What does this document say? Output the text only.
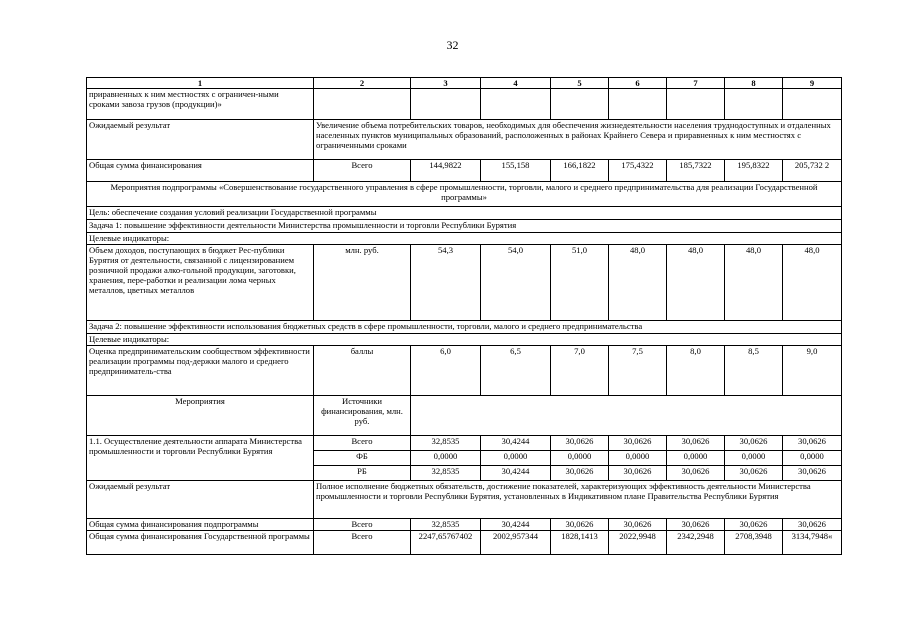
32
1	2	3	4	5	6	7	8	9
приравненных к ним местностях с ограничен-ными сроками завоза грузов (продукции)»								
Ожидаемый результат	Увеличение объема потребительских товаров, необходимых для обеспечения жизнедеятельности населения труднодоступных и отдаленных населенных пунктов муниципальных образований, расположенных в районах Крайнего Севера и приравненных к ним местностях с ограниченными сроками							
Общая сумма финансирования	Всего	144,9822	155,158	166,1822	175,4322	185,7322	195,8322	205,732 2
Мероприятия подпрограммы «Совершенствование государственного управления в сфере промышленности, торговли, малого и среднего предпринимательства для реализации Государственной программы»								
Цель: обеспечение создания условий реализации Государственной программы								
Задача 1: повышение эффективности деятельности Министерства промышленности и торговли Республики Бурятия								
Целевые индикаторы:								
Объем доходов, поступающих в бюджет Рес-публики Бурятия от деятельности, связанной с лицензированием розничной продажи алко-гольной продукции, заготовки, хранения, пере-работки и реализации лома черных металлов, цветных металлов	млн. руб.	54,3	54,0	51,0	48,0	48,0	48,0	48,0
Задача 2: повышение эффективности использования бюджетных средств в сфере промышленности, торговли, малого и среднего предпринимательства								
Целевые индикаторы:								
Оценка предпринимательским сообществом эффективности реализации программы под-держки малого и среднего предприниматель-ства	баллы	6,0	6,5	7,0	7,5	8,0	8,5	9,0
Мероприятия	Источники финансирования, млн. руб.							
1.1. Осуществление деятельности аппарата Министерства промышленности и торговли Республики Бурятия	Всего	32,8535	30,4244	30,0626	30,0626	30,0626	30,0626	30,0626
	ФБ	0,0000	0,0000	0,0000	0,0000	0,0000	0,0000	0,0000
	РБ	32,8535	30,4244	30,0626	30,0626	30,0626	30,0626	30,0626
Ожидаемый результат	Полное исполнение бюджетных обязательств, достижение показателей, характеризующих эффективность деятельности Министерства промышленности и торговли Республики Бурятия, установленных в Индикативном плане Правительства Республики Бурятия							
Общая сумма финансирования подпрограммы	Всего	32,8535	30,4244	30,0626	30,0626	30,0626	30,0626	30,0626
Общая сумма финансирования Государственной программы	Всего	2247,65767402	2002,957344	1828,1413	2022,9948	2342,2948	2708,3948	3134,7948«
